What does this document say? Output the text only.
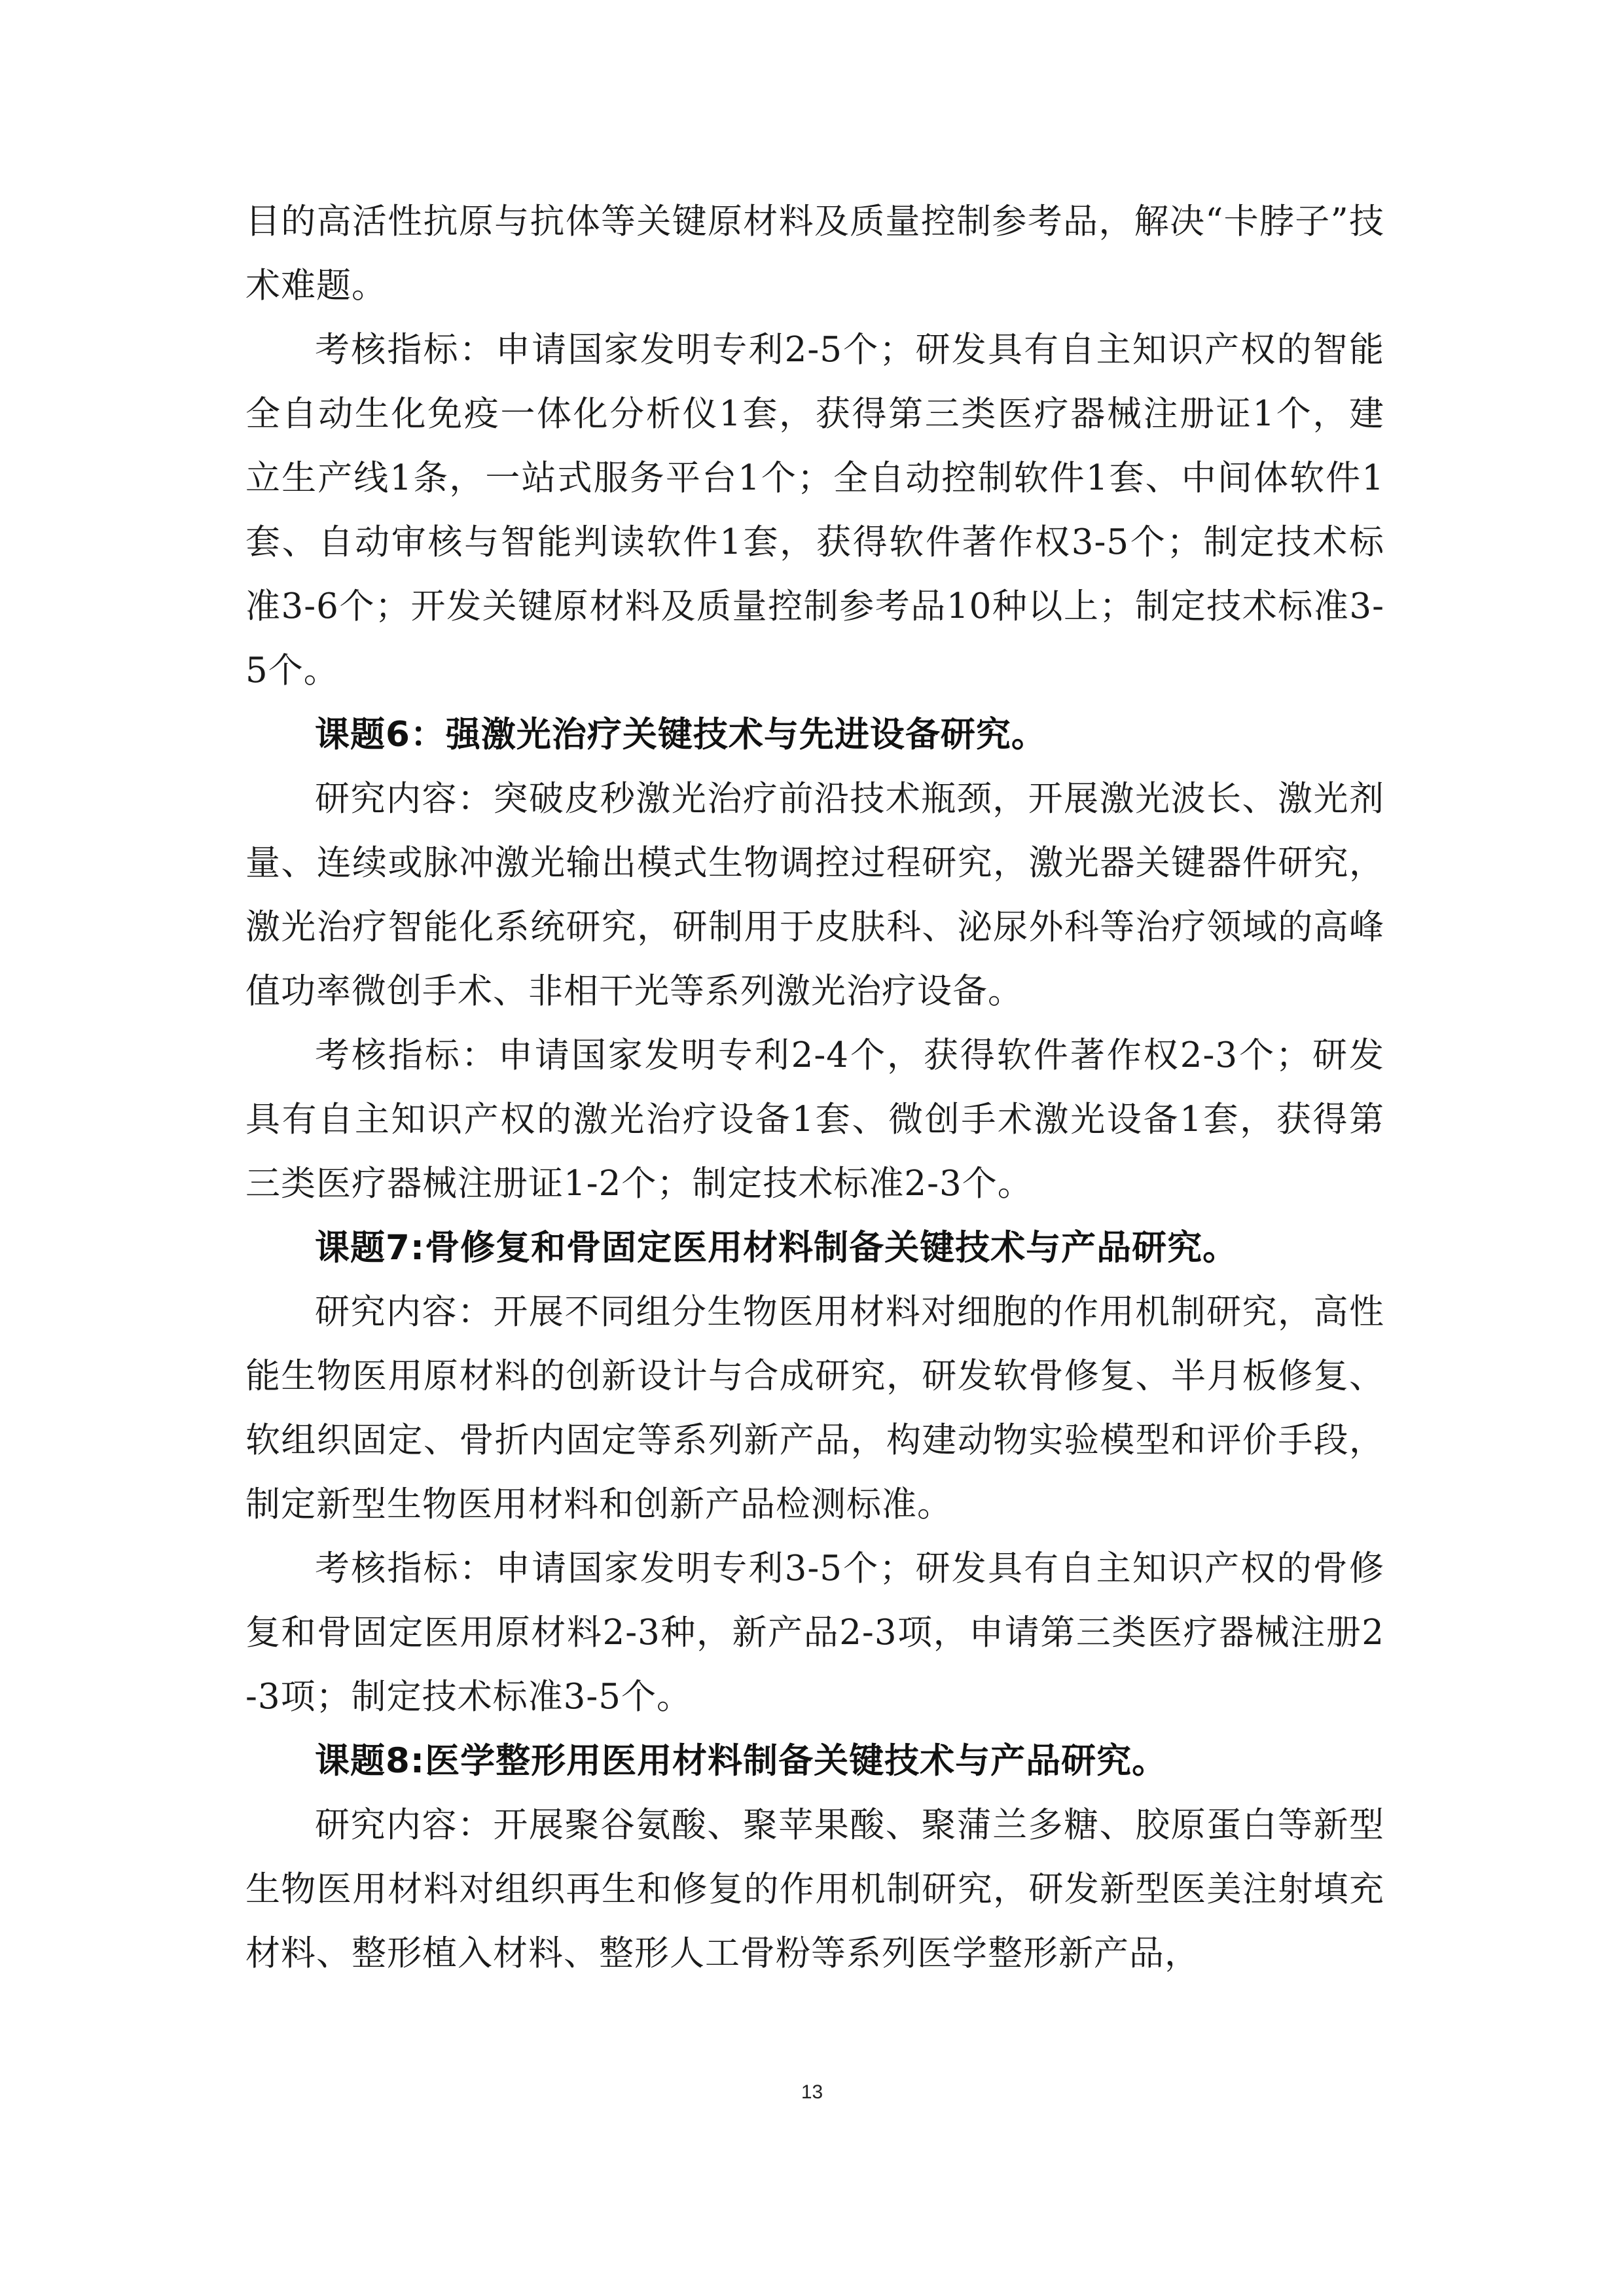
目的高活性抗原与抗体等关键原材料及质量控制参考品，解决“卡脖子”技术难题。

考核指标：申请国家发明专利2-5个；研发具有自主知识产权的智能全自动生化免疫一体化分析仪1套，获得第三类医疗器械注册证1个，建立生产线1条，一站式服务平台1个；全自动控制软件1套、中间体软件1套、自动审核与智能判读软件1套，获得软件著作权3-5个；制定技术标准3-6个；开发关键原材料及质量控制参考品10种以上；制定技术标准3-5个。

课题6：强激光治疗关键技术与先进设备研究。

研究内容：突破皮秒激光治疗前沿技术瓶颈，开展激光波长、激光剂量、连续或脉冲激光输出模式生物调控过程研究，激光器关键器件研究，激光治疗智能化系统研究，研制用于皮肤科、泌尿外科等治疗领域的高峰值功率微创手术、非相干光等系列激光治疗设备。

考核指标：申请国家发明专利2-4个，获得软件著作权2-3个；研发具有自主知识产权的激光治疗设备1套、微创手术激光设备1套，获得第三类医疗器械注册证1-2个；制定技术标准2-3个。

课题7:骨修复和骨固定医用材料制备关键技术与产品研究。

研究内容：开展不同组分生物医用材料对细胞的作用机制研究，高性能生物医用原材料的创新设计与合成研究，研发软骨修复、半月板修复、软组织固定、骨折内固定等系列新产品，构建动物实验模型和评价手段，制定新型生物医用材料和创新产品检测标准。

考核指标：申请国家发明专利3-5个；研发具有自主知识产权的骨修复和骨固定医用原材料2-3种，新产品2-3项，申请第三类医疗器械注册2-3项；制定技术标准3-5个。

课题8:医学整形用医用材料制备关键技术与产品研究。

研究内容：开展聚谷氨酸、聚苹果酸、聚蒲兰多糖、胶原蛋白等新型生物医用材料对组织再生和修复的作用机制研究，研发新型医美注射填充材料、整形植入材料、整形人工骨粉等系列医学整形新产品，

13
